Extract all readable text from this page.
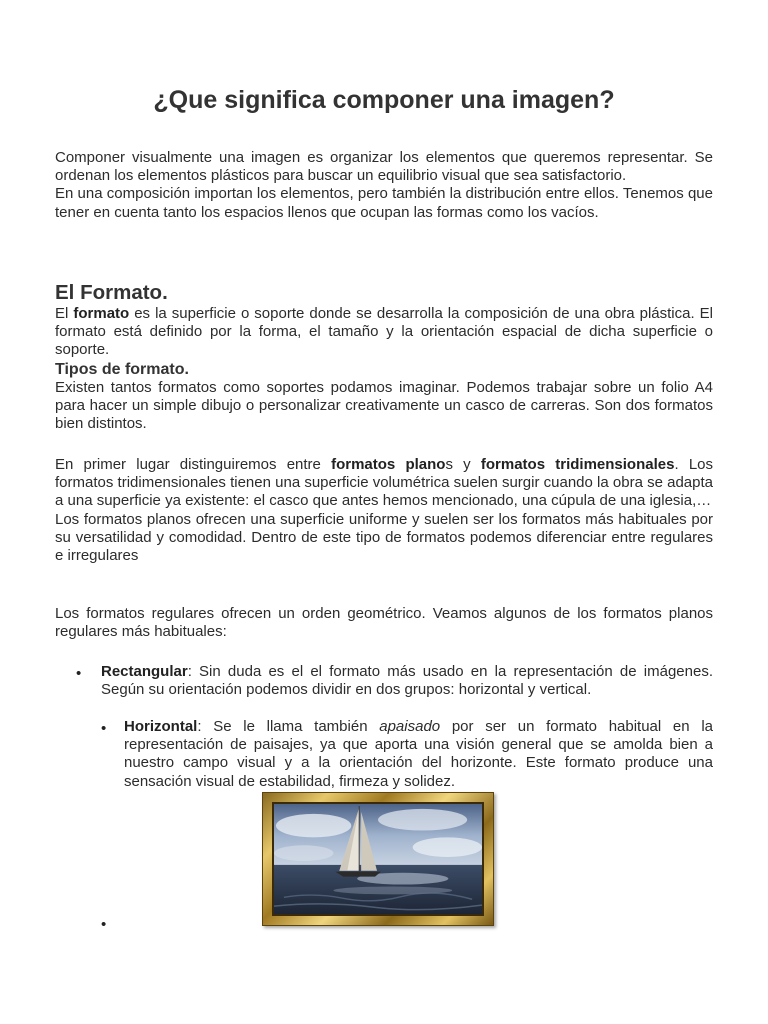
¿Que significa componer una imagen?

Componer visualmente una imagen es organizar los elementos que queremos representar. Se ordenan los elementos plásticos para buscar un equilibrio visual que sea satisfactorio.

En una composición importan los elementos, pero también la distribución entre ellos. Tenemos que tener en cuenta tanto los espacios llenos que ocupan las formas como los vacíos.

El Formato.

El formato es la superficie o soporte donde se desarrolla la composición de una obra plástica. El formato está definido por la forma, el tamaño y la orientación espacial de dicha superficie o soporte.

Tipos de formato.

Existen tantos formatos como soportes podamos imaginar. Podemos trabajar sobre un folio A4 para hacer un simple dibujo o personalizar creativamente un casco de carreras. Son dos formatos bien distintos.

En primer lugar distinguiremos entre formatos planos y formatos tridimensionales. Los formatos tridimensionales tienen una superficie volumétrica suelen surgir cuando la obra se adapta a una superficie ya existente: el casco que antes hemos mencionado, una cúpula de una iglesia,…

Los formatos planos ofrecen una superficie uniforme y suelen ser los formatos más habituales por su versatilidad y comodidad. Dentro de este tipo de formatos podemos diferenciar entre regulares e irregulares

Los formatos regulares ofrecen un orden geométrico. Veamos algunos de los formatos planos regulares más habituales:

• Rectangular: Sin duda es el el formato más usado en la representación de imágenes. Según su orientación podemos dividir en dos grupos: horizontal y vertical.

• Horizontal: Se le llama también apaisado por ser un formato habitual en la representación de paisajes, ya que aporta una visión general que se amolda bien a nuestro campo visual y a la orientación del horizonte. Este formato produce una sensación visual de estabilidad, firmeza y solidez.

•
